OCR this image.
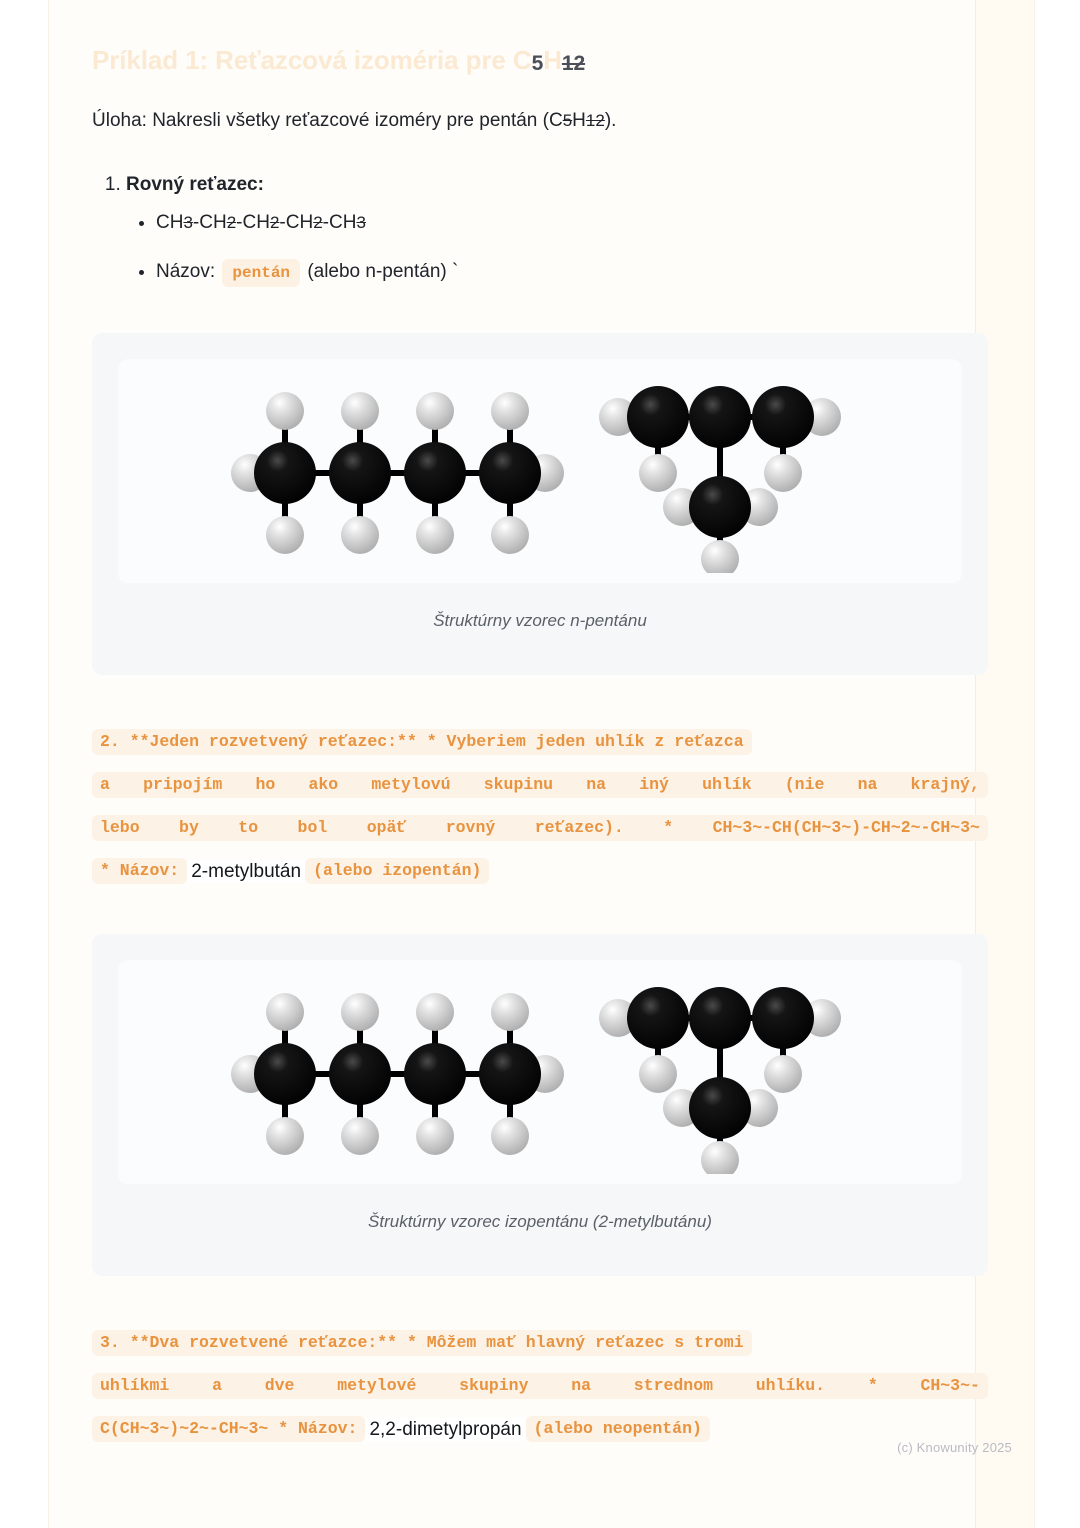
Príklad 1: Reťazcová izoméria pre C5H12

Úloha: Nakresli všetky reťazcové izoméry pre pentán (C5H12).

1. Rovný reťazec:
• CH3-CH2-CH2-CH2-CH3
• Názov: pentán (alebo n-pentán) `
Štruktúrny vzorec n-pentánu
2. **Jeden rozvetvený reťazec:** * Vyberiem jeden uhlík z reťazca
a pripojím ho ako metylovú skupinu na iný uhlík (nie na krajný,
lebo by to bol opäť rovný reťazec). * CH~3~-CH(CH~3~)-CH~2~-CH~3~
* Názov: 2-metylbután (alebo izopentán)
Štruktúrny vzorec izopentánu (2-metylbutánu)
3. **Dva rozvetvené reťazce:** * Môžem mať hlavný reťazec s tromi
uhlíkmi	a	dve	metylové	skupiny	na	strednom	uhlíku.	*	CH~3~-
C(CH~3~)~2~-CH~3~ * Názov: 2,2-dimetylpropán (alebo neopentán)
(c) Knowunity 2025
